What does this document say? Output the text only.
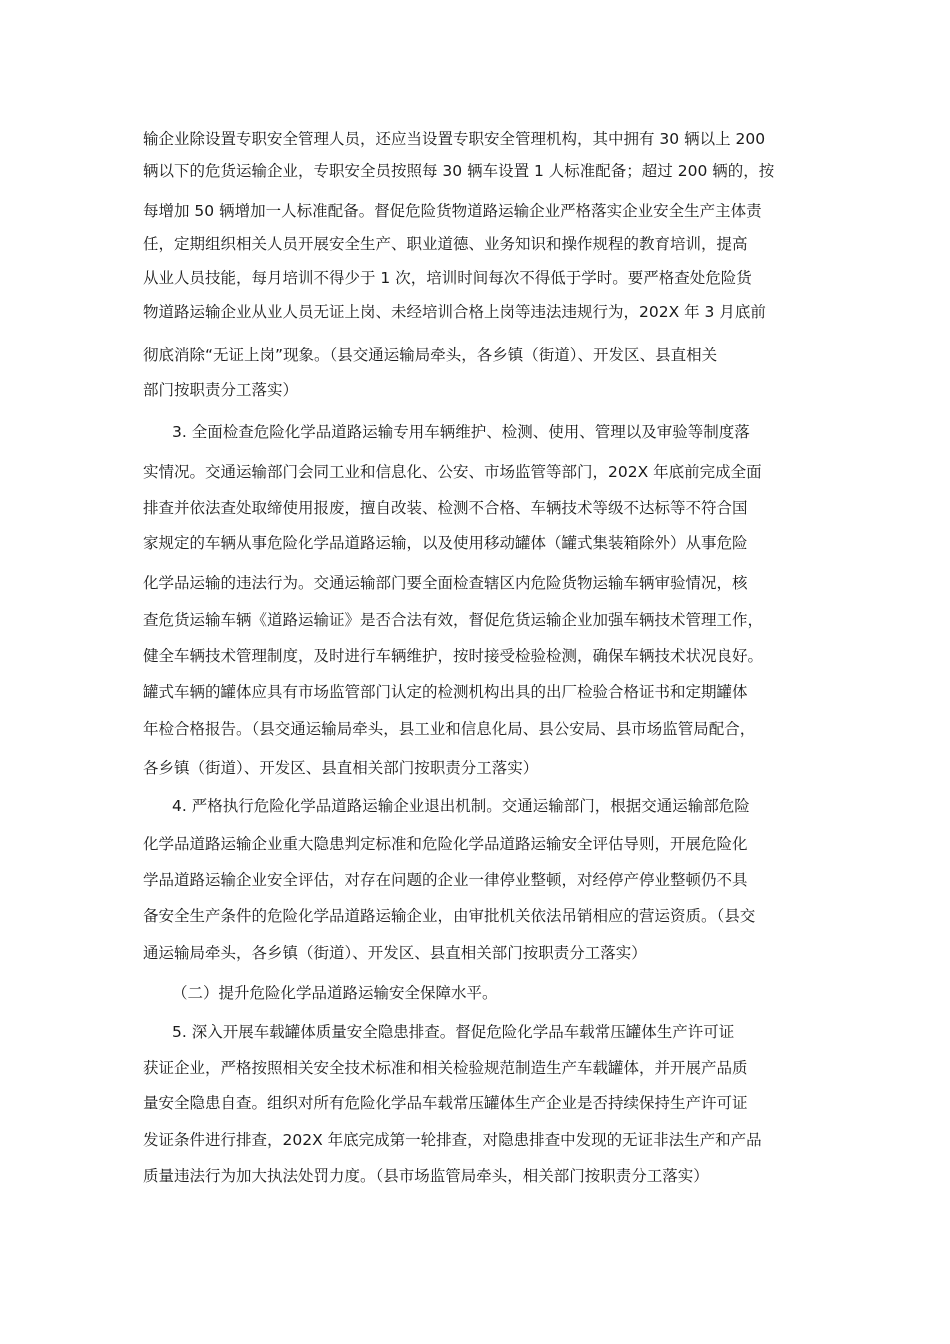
输企业除设置专职安全管理人员，还应当设置专职安全管理机构，其中拥有 30 辆以上 200
辆以下的危货运输企业，专职安全员按照每 30 辆车设置 1 人标准配备；超过 200 辆的，按
每增加 50 辆增加一人标准配备。督促危险货物道路运输企业严格落实企业安全生产主体责
任，定期组织相关人员开展安全生产、职业道德、业务知识和操作规程的教育培训，提高
从业人员技能，每月培训不得少于 1 次，培训时间每次不得低于学时。要严格查处危险货
物道路运输企业从业人员无证上岗、未经培训合格上岗等违法违规行为，202X 年 3 月底前
彻底消除“无证上岗”现象。（县交通运输局牵头，各乡镇（街道）、开发区、县直相关
部门按职责分工落实）
3. 全面检查危险化学品道路运输专用车辆维护、检测、使用、管理以及审验等制度落
实情况。交通运输部门会同工业和信息化、公安、市场监管等部门，202X 年底前完成全面
排查并依法查处取缔使用报废，擅自改装、检测不合格、车辆技术等级不达标等不符合国
家规定的车辆从事危险化学品道路运输，以及使用移动罐体（罐式集装箱除外）从事危险
化学品运输的违法行为。交通运输部门要全面检查辖区内危险货物运输车辆审验情况，核
查危货运输车辆《道路运输证》是否合法有效，督促危货运输企业加强车辆技术管理工作，
健全车辆技术管理制度，及时进行车辆维护，按时接受检验检测，确保车辆技术状况良好。
罐式车辆的罐体应具有市场监管部门认定的检测机构出具的出厂检验合格证书和定期罐体
年检合格报告。（县交通运输局牵头，县工业和信息化局、县公安局、县市场监管局配合，
各乡镇（街道）、开发区、县直相关部门按职责分工落实）
4. 严格执行危险化学品道路运输企业退出机制。交通运输部门，根据交通运输部危险
化学品道路运输企业重大隐患判定标准和危险化学品道路运输安全评估导则，开展危险化
学品道路运输企业安全评估，对存在问题的企业一律停业整顿，对经停产停业整顿仍不具
备安全生产条件的危险化学品道路运输企业，由审批机关依法吊销相应的营运资质。（县交
通运输局牵头，各乡镇（街道）、开发区、县直相关部门按职责分工落实）
（二）提升危险化学品道路运输安全保障水平。
5. 深入开展车载罐体质量安全隐患排查。督促危险化学品车载常压罐体生产许可证
获证企业，严格按照相关安全技术标准和相关检验规范制造生产车载罐体，并开展产品质
量安全隐患自查。组织对所有危险化学品车载常压罐体生产企业是否持续保持生产许可证
发证条件进行排查，202X 年底完成第一轮排查，对隐患排查中发现的无证非法生产和产品
质量违法行为加大执法处罚力度。（县市场监管局牵头，相关部门按职责分工落实）
